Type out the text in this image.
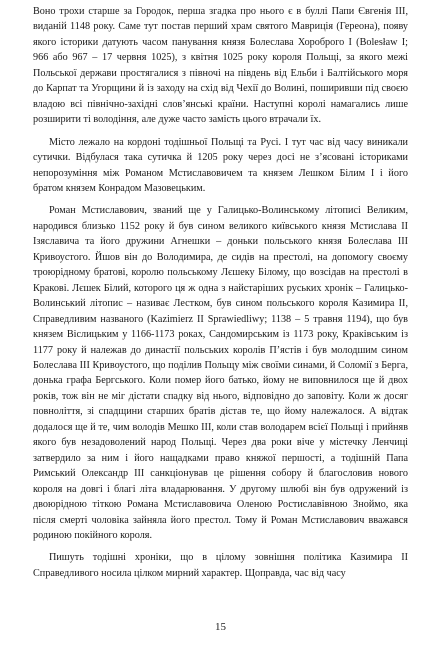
Воно трохи старше за Городок, перша згадка про нього є в буллі Папи Євгенія ІІІ, виданій 1148 року. Саме тут постав перший храм святого Маврицiя (Гереона), появу якого історики датують часом панування князя Болеслава Хороброго I (Bolesław I; 966 або 967 – 17 червня 1025), з квітня 1025 року короля Польщі, за якого межі Польської держави простягалися з півночі на південь від Ельби і Балтійського моря до Карпат та Угорщини й із заходу на схід від Чехії до Волині, поширивши під своєю владою всі північно-західні слов’янські країни. Наступні королі намагались лише розширити ті володіння, але дуже часто замість цього втрачали їх.

Місто лежало на кордоні тодішньої Польщі та Русі. І тут час від часу виникали сутички. Відбулася така сутичка й 1205 року через досі не з’ясовані істориками непорозуміння між Романом Мстиславовичем та князем Лешком Білим І і його братом князем Конрадом Мазовецьким.

Роман Мстиславович, званий ще у Галицько-Волинському літописі Великим, народився близько 1152 року й був сином великого київського князя Мстислава ІІ Ізяславича та його дружини Агнешки – доньки польського князя Болеслава ІІІ Кривоустого. Йшов він до Володимира, де сидів на престолі, на допомогу своєму троюрідному братові, королю польському Лєшеку Білому, що возсідав на престолі в Кракові. Лєшек Білий, которого ця ж одна з найстаріших руських хронік – Галицько-Волинський літопис – називає Лестком, був сином польського короля Казимира ІІ, Справедливим названого (Kazimierz II Sprawiedliwy; 1138 – 5 травня 1194), що був князем Віслицьким у 1166-1173 роках, Сандомирським із 1173 року, Краківським із 1177 року й належав до династії польських королів П’ястів і був молодшим сином Болеслава ІІІ Кривоустого, що поділив Польщу між своїми синами, й Соломії з Берга, донька графа Бергського. Коли помер його батько, йому не виповнилося ще й двох років, тож він не міг дістати спадку від нього, відповідно до заповіту. Коли ж досяг повноліття, зі спадщини старших братів дістав те, що йому належалося. А відтак додалося ще й те, чим володів Мешко ІІІ, коли став володарем всієї Польщі і прийняв якого був незадоволений народ Польщі. Через два роки віче у містечку Ленчиці затвердило за ним і його нащадками право княжої першості, а тодішній Папа Римський Олександр ІІІ санкціонував це рішення собору й благословив нового короля на довгі і благі літа владарювання. У другому шлюбі він був одружений із двоюрідною тіткою Романа Мстиславовича Оленою Ростиславівною Зноймо, яка після смерті чоловіка зайняла його престол. Тому й Роман Мстиславович вважався родиною покійного короля.

Пишуть тодішні хроніки, що в цілому зовнішня політика Казимира ІІ Справедливого носила цілком мирний характер. Щоправда, час від часу

15
